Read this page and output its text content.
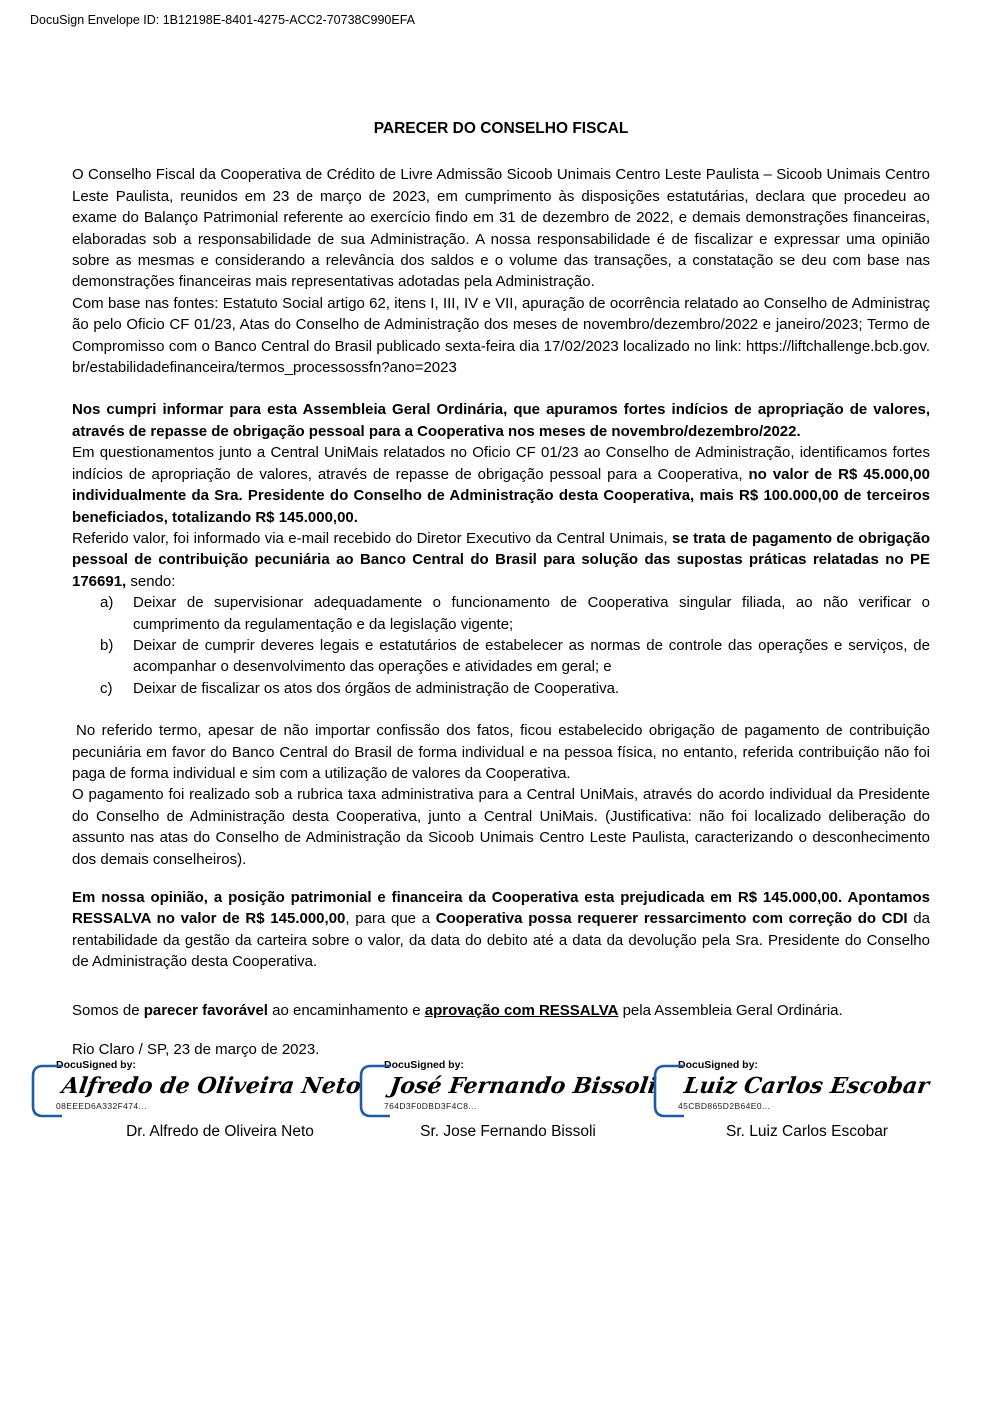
DocuSign Envelope ID: 1B12198E-8401-4275-ACC2-70738C990EFA
PARECER DO CONSELHO FISCAL

O Conselho Fiscal da Cooperativa de Crédito de Livre Admissão Sicoob Unimais Centro Leste Paulista – Sicoob Unimais Centro Leste Paulista, reunidos em 23 de março de 2023, em cumprimento às disposições estatutárias, declara que procedeu ao exame do Balanço Patrimonial referente ao exercício findo em 31 de dezembro de 2022, e demais demonstrações financeiras, elaboradas sob a responsabilidade de sua Administração. A nossa responsabilidade é de fiscalizar e expressar uma opinião sobre as mesmas e considerando a relevância dos saldos e o volume das transações, a constatação se deu com base nas demonstrações financeiras mais representativas adotadas pela Administração.

Com base nas fontes: Estatuto Social artigo 62, itens I, III, IV e VII, apuração de ocorrência relatado ao Conselho de Administração pelo Oficio CF 01/23, Atas do Conselho de Administração dos meses de novembro/dezembro/2022 e janeiro/2023; Termo de Compromisso com o Banco Central do Brasil publicado sexta-feira dia 17/02/2023 localizado no link: https://liftchallenge.bcb.gov.br/estabilidadefinanceira/termos_processossfn?ano=2023

Nos cumpri informar para esta Assembleia Geral Ordinária, que apuramos fortes indícios de apropriação de valores, através de repasse de obrigação pessoal para a Cooperativa nos meses de novembro/dezembro/2022.

Em questionamentos junto a Central UniMais relatados no Oficio CF 01/23 ao Conselho de Administração, identificamos fortes indícios de apropriação de valores, através de repasse de obrigação pessoal para a Cooperativa, no valor de R$ 45.000,00 individualmente da Sra. Presidente do Conselho de Administração desta Cooperativa, mais R$ 100.000,00 de terceiros beneficiados, totalizando R$ 145.000,00.

Referido valor, foi informado via e-mail recebido do Diretor Executivo da Central Unimais, se trata de pagamento de obrigação pessoal de contribuição pecuniária ao Banco Central do Brasil para solução das supostas práticas relatadas no PE 176691, sendo:

a)	Deixar de supervisionar adequadamente o funcionamento de Cooperativa singular filiada, ao não verificar o cumprimento da regulamentação e da legislação vigente;
b)	Deixar de cumprir deveres legais e estatutários de estabelecer as normas de controle das operações e serviços, de acompanhar o desenvolvimento das operações e atividades em geral; e
c)	Deixar de fiscalizar os atos dos órgãos de administração de Cooperativa.

No referido termo, apesar de não importar confissão dos fatos, ficou estabelecido obrigação de pagamento de contribuição pecuniária em favor do Banco Central do Brasil de forma individual e na pessoa física, no entanto, referida contribuição não foi paga de forma individual e sim com a utilização de valores da Cooperativa.

O pagamento foi realizado sob a rubrica taxa administrativa para a Central UniMais, através do acordo individual da Presidente do Conselho de Administração desta Cooperativa, junto a Central UniMais. (Justificativa: não foi localizado deliberação do assunto nas atas do Conselho de Administração da Sicoob Unimais Centro Leste Paulista, caracterizando o desconhecimento dos demais conselheiros).

Em nossa opinião, a posição patrimonial e financeira da Cooperativa esta prejudicada em R$ 145.000,00. Apontamos RESSALVA no valor de R$ 145.000,00, para que a Cooperativa possa requerer ressarcimento com correção do CDI da rentabilidade da gestão da carteira sobre o valor, da data do debito até a data da devolução pela Sra. Presidente do Conselho de Administração desta Cooperativa.

Somos de parecer favorável ao encaminhamento e aprovação com RESSALVA pela Assembleia Geral Ordinária.

Rio Claro / SP, 23 de março de 2023.

DocuSigned by:
Alfredo de Oliveira Neto
08EEED6A332F474...
Dr. Alfredo de Oliveira Neto
DocuSigned by:
José Fernando Bissoli
764D3F0DBD3F4C8...
Sr. Jose Fernando Bissoli
DocuSigned by:
Luiz Carlos Escobar
45CBD865D2B64E0...
Sr. Luiz Carlos Escobar
